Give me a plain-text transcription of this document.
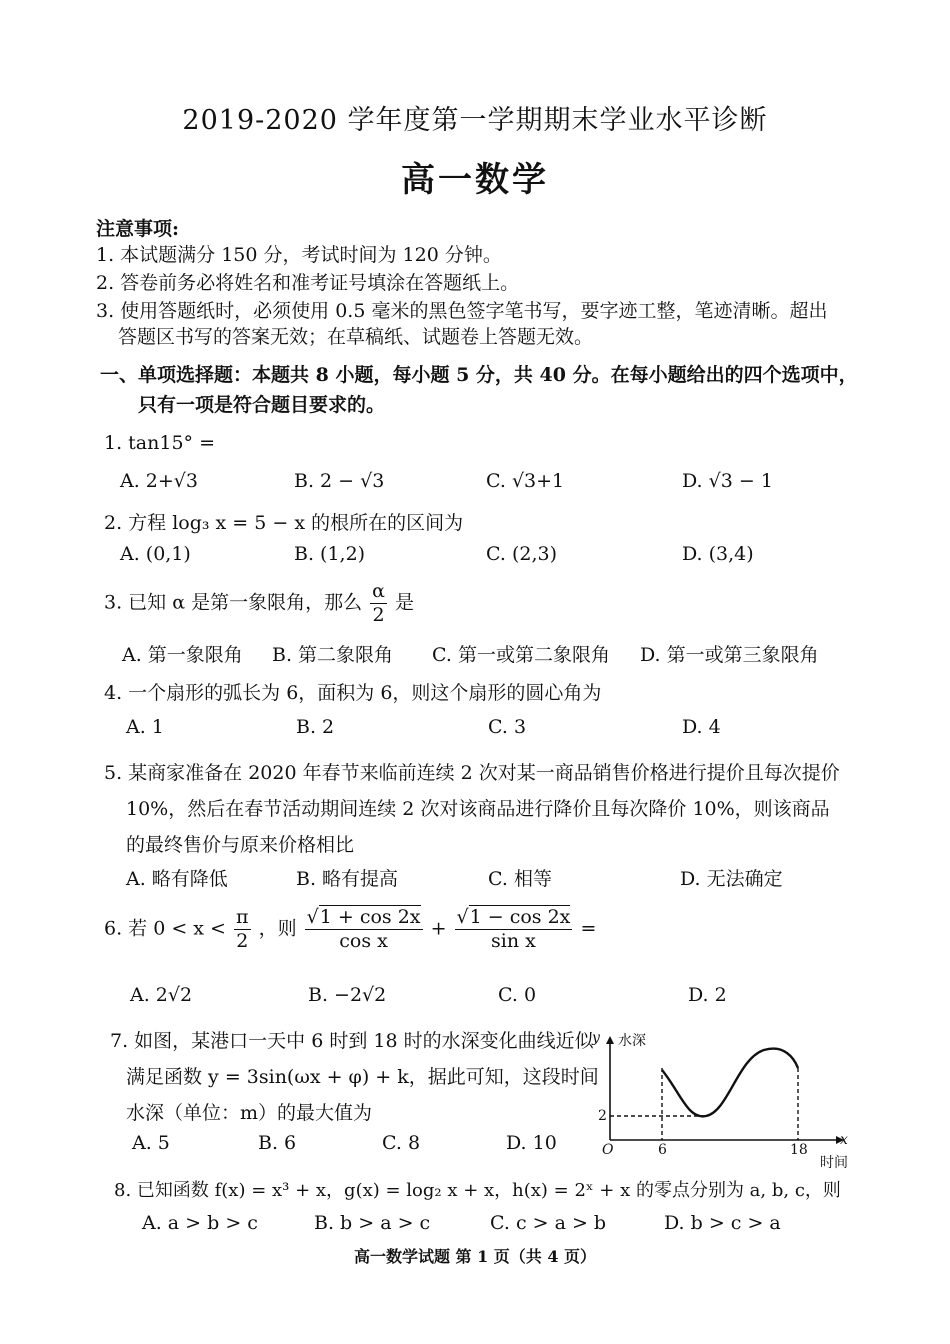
2019-2020 学年度第一学期期末学业水平诊断
高一数学
注意事项:
1. 本试题满分 150 分，考试时间为 120 分钟。
2. 答卷前务必将姓名和准考证号填涂在答题纸上。
3. 使用答题纸时，必须使用 0.5 毫米的黑色签字笔书写，要字迹工整，笔迹清晰。超出
答题区书写的答案无效；在草稿纸、试题卷上答题无效。
一、单项选择题：本题共 8 小题，每小题 5 分，共 40 分。在每小题给出的四个选项中，
只有一项是符合题目要求的。
1. tan15° =
A. 2+√3	B. 2 − √3	C. √3+1	D. √3 − 1
2. 方程 log₃ x = 5 − x 的根所在的区间为
A. (0,1)	B. (1,2)	C. (2,3)	D. (3,4)
3. 已知 α 是第一象限角，那么 $\frac{\alpha}{2}$ 是
A. 第一象限角 B. 第二象限角 C. 第一或第二象限角 D. 第一或第三象限角
4. 一个扇形的弧长为 6，面积为 6，则这个扇形的圆心角为
A. 1	B. 2	C. 3	D. 4
5. 某商家准备在 2020 年春节来临前连续 2 次对某一商品销售价格进行提价且每次提价
10%，然后在春节活动期间连续 2 次对该商品进行降价且每次降价 10%，则该商品
的最终售价与原来价格相比
A. 略有降低	B. 略有提高	C. 相等	D. 无法确定
6. 若 $0 < x < \frac{\pi}{2}$ ，则 $\frac{√1 + \cos 2x}{\text{cos x}} + \frac{√1 - \cos 2x}{\text{sin x}}$ =
A. 2√2	B. −2√2	C. 0	D. 2
7. 如图，某港口一天中 6 时到 18 时的水深变化曲线近似
满足函数 y = 3sin(ωx + φ) + k，据此可知，这段时间
水深（单位：m）的最大值为
A. 5	B. 6	C. 8	D. 10
y 水深
2
O	6	18
x
时间
8. 已知函数 f(x) = x³ + x，g(x) = log₂ x + x，h(x) = 2ˣ + x 的零点分别为 a, b, c，则
A. a > b > c	B. b > a > c	C. c > a > b	D. b > c > a
高一数学试题 第 1 页（共 4 页）
